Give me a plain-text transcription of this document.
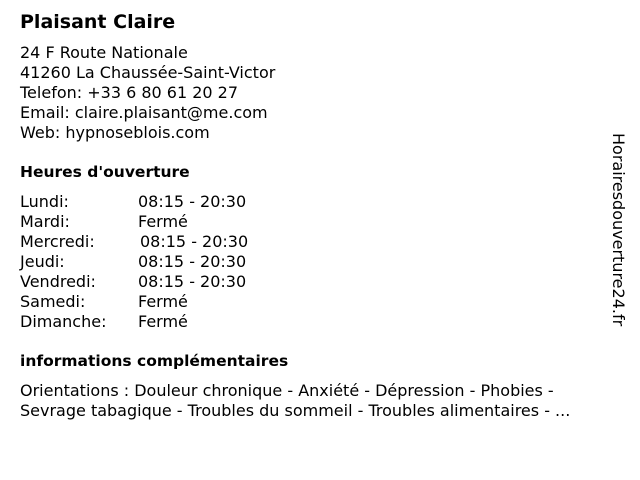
Plaisant Claire
24 F Route Nationale
41260 La Chaussée-Saint-Victor
Telefon: +33 6 80 61 20 27
Email: claire.plaisant@me.com
Web: hypnoseblois.com
Heures d'ouverture
Lundi:	08:15 - 20:30
Mardi:	Fermé
Mercredi:	08:15 - 20:30
Jeudi:	08:15 - 20:30
Vendredi:	08:15 - 20:30
Samedi:	Fermé
Dimanche:	Fermé
informations complémentaires
Orientations : Douleur chronique - Anxiété - Dépression - Phobies -
Sevrage tabagique - Troubles du sommeil - Troubles alimentaires - ...
Horairesdouverture24.fr
